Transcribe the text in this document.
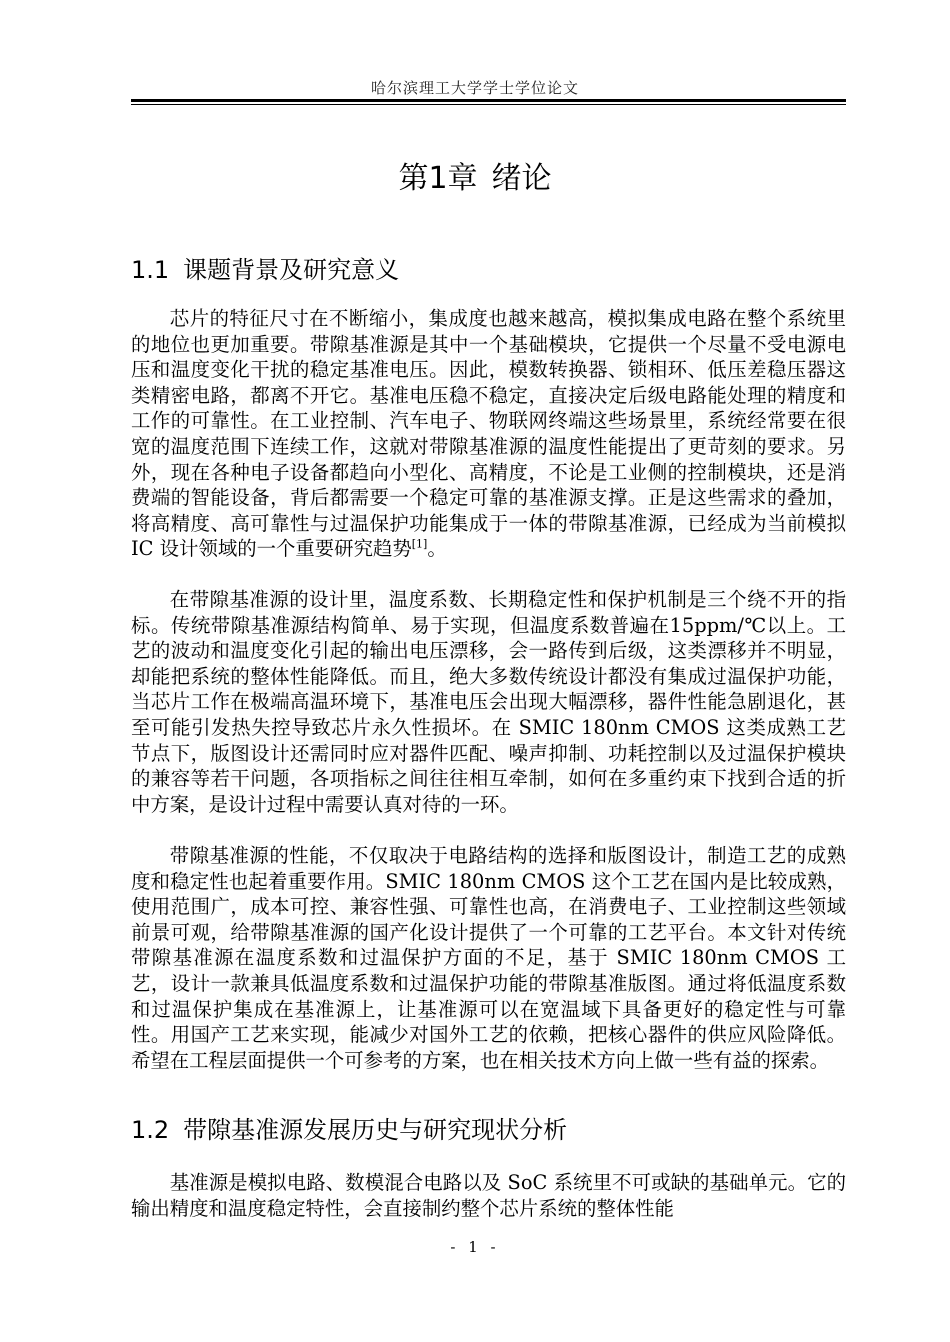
哈尔滨理工大学学士学位论文
第1章 绪论
1.1 课题背景及研究意义

芯片的特征尺寸在不断缩小，集成度也越来越高，模拟集成电路在整个系统里的地位也更加重要。带隙基准源是其中一个基础模块，它提供一个尽量不受电源电压和温度变化干扰的稳定基准电压。因此，模数转换器、锁相环、低压差稳压器这类精密电路，都离不开它。基准电压稳不稳定，直接决定后级电路能处理的精度和工作的可靠性。在工业控制、汽车电子、物联网终端这些场景里，系统经常要在很宽的温度范围下连续工作，这就对带隙基准源的温度性能提出了更苛刻的要求。另外，现在各种电子设备都趋向小型化、高精度，不论是工业侧的控制模块，还是消费端的智能设备，背后都需要一个稳定可靠的基准源支撑。正是这些需求的叠加，将高精度、高可靠性与过温保护功能集成于一体的带隙基准源，已经成为当前模拟 IC 设计领域的一个重要研究趋势[1]。

在带隙基准源的设计里，温度系数、长期稳定性和保护机制是三个绕不开的指标。传统带隙基准源结构简单、易于实现，但温度系数普遍在15ppm/℃以上。工艺的波动和温度变化引起的输出电压漂移，会一路传到后级，这类漂移并不明显，却能把系统的整体性能降低。而且，绝大多数传统设计都没有集成过温保护功能，当芯片工作在极端高温环境下，基准电压会出现大幅漂移，器件性能急剧退化，甚至可能引发热失控导致芯片永久性损坏。在 SMIC 180nm CMOS 这类成熟工艺节点下，版图设计还需同时应对器件匹配、噪声抑制、功耗控制以及过温保护模块的兼容等若干问题，各项指标之间往往相互牵制，如何在多重约束下找到合适的折中方案，是设计过程中需要认真对待的一环。

带隙基准源的性能，不仅取决于电路结构的选择和版图设计，制造工艺的成熟度和稳定性也起着重要作用。SMIC 180nm CMOS 这个工艺在国内是比较成熟，使用范围广，成本可控、兼容性强、可靠性也高，在消费电子、工业控制这些领域前景可观，给带隙基准源的国产化设计提供了一个可靠的工艺平台。本文针对传统带隙基准源在温度系数和过温保护方面的不足，基于 SMIC 180nm CMOS 工艺，设计一款兼具低温度系数和过温保护功能的带隙基准版图。通过将低温度系数和过温保护集成在基准源上，让基准源可以在宽温域下具备更好的稳定性与可靠性。用国产工艺来实现，能减少对国外工艺的依赖，把核心器件的供应风险降低。希望在工程层面提供一个可参考的方案，也在相关技术方向上做一些有益的探索。

1.2 带隙基准源发展历史与研究现状分析

基准源是模拟电路、数模混合电路以及 SoC 系统里不可或缺的基础单元。它的输出精度和温度稳定特性，会直接制约整个芯片系统的整体性能

- 1 -
